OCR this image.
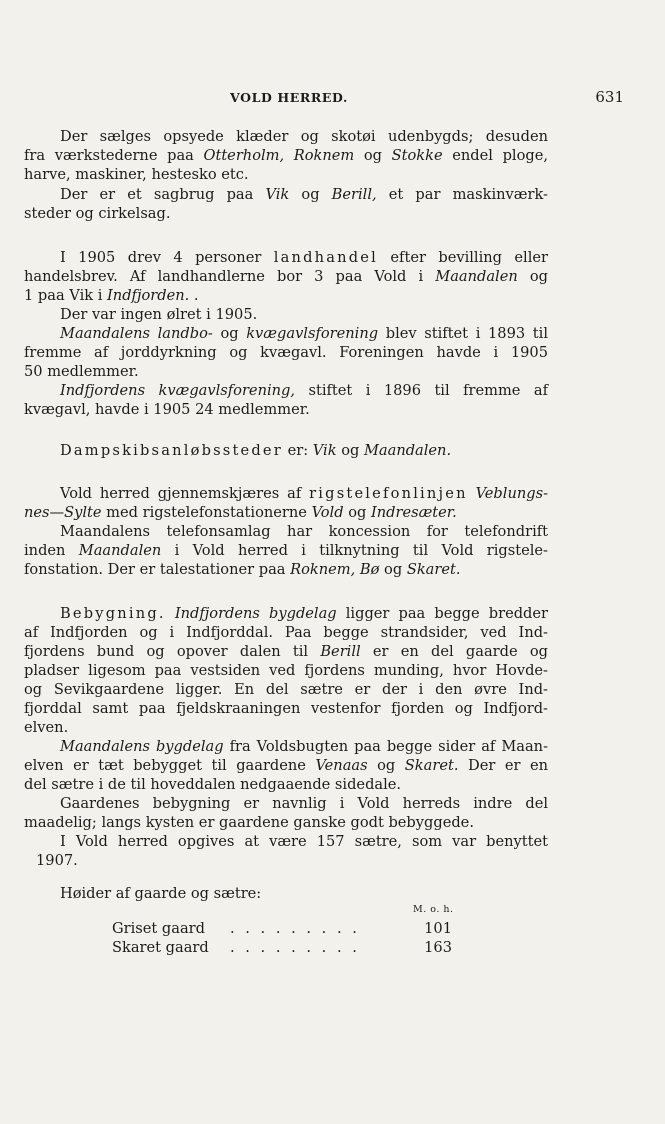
VOLD HERRED.	631

Der sælges opsyede klæder og skotøi udenbygds; desuden

fra værkstederne paa Otterholm, Roknem og Stokke endel ploge,

harve, maskiner, hestesko etc.

Der er et sagbrug paa Vik og Berill, et par maskinværk-

steder og cirkelsag.

I 1905 drev 4 personer landhandel efter bevilling eller

handelsbrev. Af landhandlerne bor 3 paa Vold i Maandalen og

1 paa Vik i Indfjorden. .

Der var ingen ølret i 1905.

Maandalens landbo- og kvægavlsforening blev stiftet i 1893 til

fremme af jorddyrkning og kvægavl. Foreningen havde i 1905

50 medlemmer.

Indfjordens kvægavlsforening, stiftet i 1896 til fremme af

kvægavl, havde i 1905 24 medlemmer.

Dampskibsanløbssteder er: Vik og Maandalen.

Vold herred gjennemskjæres af rigstelefonlinjen Veblungs-

nes—Sylte med rigstelefonstationerne Vold og Indresæter.

Maandalens telefonsamlag har koncession for telefondrift

inden Maandalen i Vold herred i tilknytning til Vold rigstele-

fonstation. Der er talestationer paa Roknem, Bø og Skaret.

Bebygning. Indfjordens bygdelag ligger paa begge bredder

af Indfjorden og i Indfjorddal. Paa begge strandsider, ved Ind-

fjordens bund og opover dalen til Berill er en del gaarde og

pladser ligesom paa vestsiden ved fjordens munding, hvor Hovde-

og Sevikgaardene ligger. En del sætre er der i den øvre Ind-

fjorddal samt paa fjeldskraaningen vestenfor fjorden og Indfjord-

elven.

Maandalens bygdelag fra Voldsbugten paa begge sider af Maan-

elven er tæt bebygget til gaardene Venaas og Skaret. Der er en

del sætre i de til hoveddalen nedgaaende sidedale.

Gaardenes bebygning er navnlig i Vold herreds indre del

maadelig; langs kysten er gaardene ganske godt bebyggede.

I Vold herred opgives at være 157 sætre, som var benyttet

1907.

Høider af gaarde og sætre:
M. o. h.
Griset gaard . . . . . . . . .	101
Skaret gaard . . . . . . . . .	163
